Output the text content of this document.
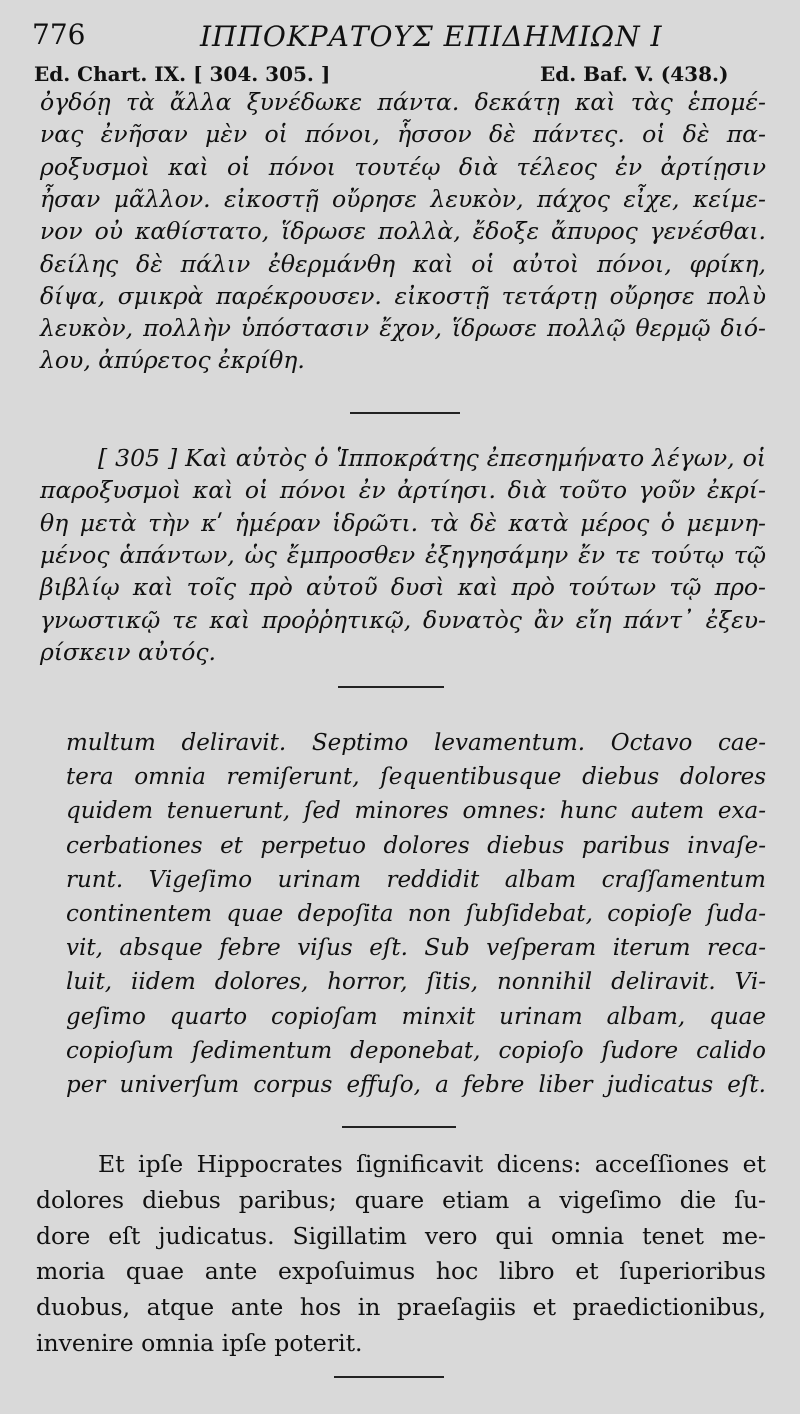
776	ΙΠΠΟΚΡΑΤΟΥΣ ΕΠΙΔΗΜΙΩΝ Ι
Ed. Chart. IX. [ 304. 305. ]	Ed. Baf. V. (438.)
ὀγδόῃ τὰ ἄλλα ξυνέδωκε πάντα. δεκάτῃ καὶ τὰς ἑπομέ-
νας ἐνῆσαν μὲν οἱ πόνοι, ἧσσον δὲ πάντες. οἱ δὲ πα-
ροξυσμοὶ καὶ οἱ πόνοι τουτέῳ διὰ τέλεος ἐν ἀρτίῃσιν
ἦσαν μᾶλλον. εἰκοστῇ οὔρησε λευκὸν, πάχος εἶχε, κείμε-
νον οὐ καθίστατο, ἵδρωσε πολλὰ, ἔδοξε ἄπυρος γενέσθαι.
δείλης δὲ πάλιν ἐθερμάνθη καὶ οἱ αὐτοὶ πόνοι, φρίκη,
δίψα, σμικρὰ παρέκρουσεν. εἰκοστῇ τετάρτῃ οὔρησε πολὺ
λευκὸν, πολλὴν ὑπόστασιν ἔχον, ἵδρωσε πολλῷ θερμῷ διό-
λου, ἀπύρετος ἐκρίθη.
[ 305 ] Καὶ αὐτὸς ὁ Ἱπποκράτης ἐπεσημήνατο λέγων, οἱ
παροξυσμοὶ καὶ οἱ πόνοι ἐν ἀρτίησι. διὰ τοῦτο γοῦν ἐκρί-
θη μετὰ τὴν κʹ ἡμέραν ἱδρῶτι. τὰ δὲ κατὰ μέρος ὁ μεμνη-
μένος ἁπάντων, ὡς ἔμπροσθεν ἐξηγησάμην ἔν τε τούτῳ τῷ
βιβλίῳ καὶ τοῖς πρὸ αὐτοῦ δυσὶ καὶ πρὸ τούτων τῷ προ-
γνωστικῷ τε καὶ προῤῥητικῷ, δυνατὸς ἂν εἴη πάντ᾽ ἐξευ-
ρίσκειν αὐτός.
multum deliravit. Septimo levamentum. Octavo cae-
tera omnia remiſerunt, ſequentibusque diebus dolores
quidem tenuerunt, ſed minores omnes: hunc autem exa-
cerbationes et perpetuo dolores diebus paribus invaſe-
runt. Vigeſimo urinam reddidit albam craſſamentum
continentem quae depoſita non ſubſidebat, copioſe ſuda-
vit, absque febre viſus eſt. Sub veſperam iterum reca-
luit, iidem dolores, horror, ſitis, nonnihil deliravit. Vi-
geſimo quarto copioſam minxit urinam albam, quae
copioſum ſedimentum deponebat, copioſo ſudore calido
per univerſum corpus effuſo, a febre liber judicatus eſt.
Et ipſe Hippocrates ſignificavit dicens: acceſſiones et
dolores diebus paribus; quare etiam a vigeſimo die ſu-
dore eſt judicatus. Sigillatim vero qui omnia tenet me-
moria quae ante expoſuimus hoc libro et ſuperioribus
duobus, atque ante hos in praeſagiis et praedictionibus,
invenire omnia ipſe poterit.
